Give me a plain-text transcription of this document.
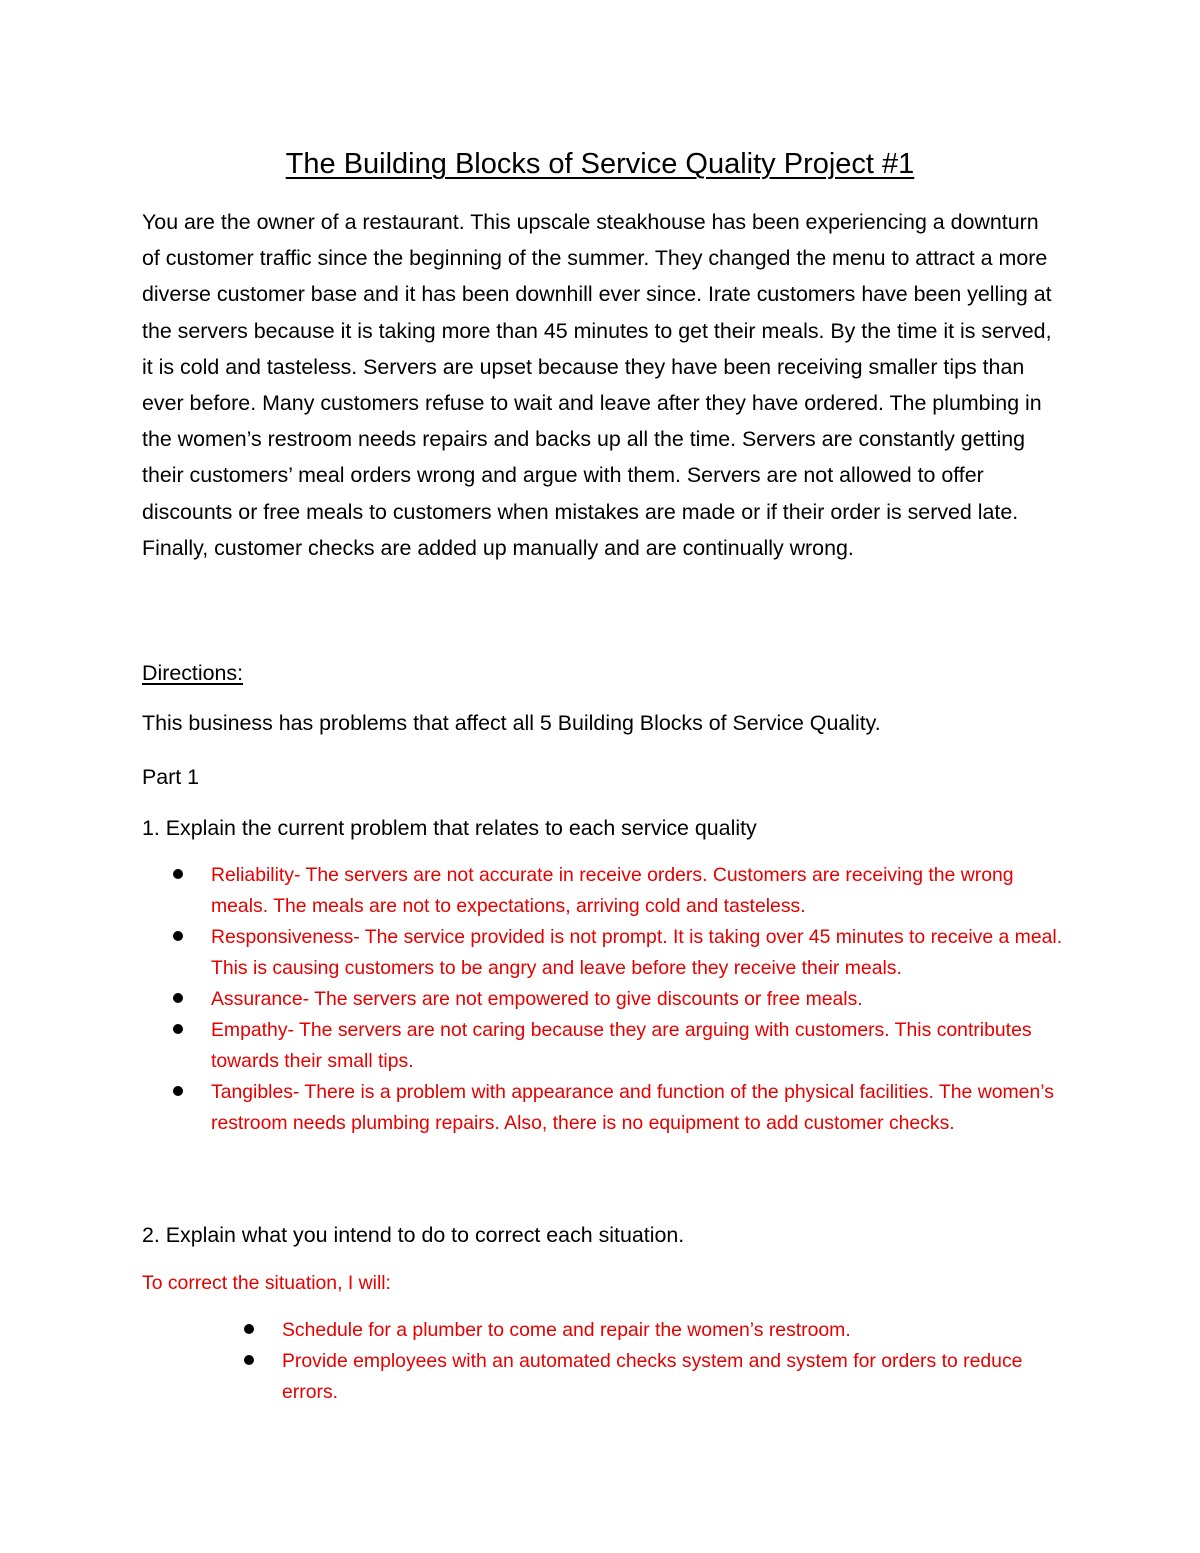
The Building Blocks of Service Quality Project #1

You are the owner of a restaurant. This upscale steakhouse has been experiencing a downturn of customer traffic since the beginning of the summer. They changed the menu to attract a more diverse customer base and it has been downhill ever since. Irate customers have been yelling at the servers because it is taking more than 45 minutes to get their meals. By the time it is served, it is cold and tasteless. Servers are upset because they have been receiving smaller tips than ever before. Many customers refuse to wait and leave after they have ordered. The plumbing in the women’s restroom needs repairs and backs up all the time. Servers are constantly getting their customers’ meal orders wrong and argue with them. Servers are not allowed to offer discounts or free meals to customers when mistakes are made or if their order is served late. Finally, customer checks are added up manually and are continually wrong.

Directions:

This business has problems that affect all 5 Building Blocks of Service Quality.

Part 1

1. Explain the current problem that relates to each service quality

Reliability- The servers are not accurate in receive orders. Customers are receiving the wrong meals. The meals are not to expectations, arriving cold and tasteless.
Responsiveness- The service provided is not prompt. It is taking over 45 minutes to receive a meal. This is causing customers to be angry and leave before they receive their meals.
Assurance- The servers are not empowered to give discounts or free meals.
Empathy- The servers are not caring because they are arguing with customers. This contributes towards their small tips.
Tangibles- There is a problem with appearance and function of the physical facilities. The women’s restroom needs plumbing repairs. Also, there is no equipment to add customer checks.

2. Explain what you intend to do to correct each situation.

To correct the situation, I will:

Schedule for a plumber to come and repair the women’s restroom.
Provide employees with an automated checks system and system for orders to reduce errors.
